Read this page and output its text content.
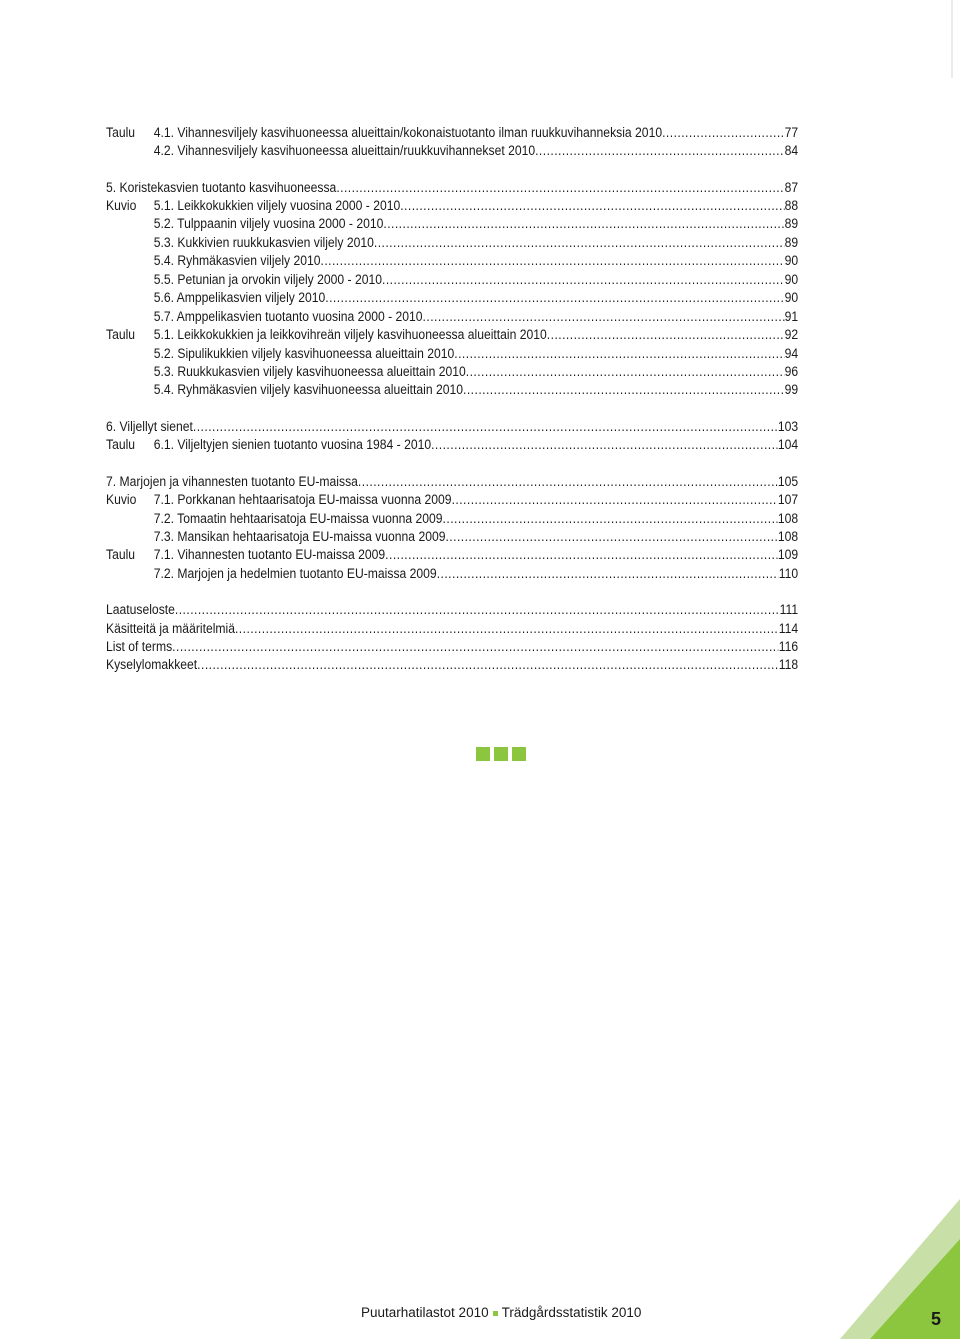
Taulu 4.1. Vihannesviljely kasvihuoneessa alueittain/kokonaistuotanto ilman ruukkuvihanneksia 2010 .....	77
4.2. Vihannesviljely kasvihuoneessa alueittain/ruukkuvihannekset 2010 .....	84
5. Koristekasvien tuotanto kasvihuoneessa .....	87
Kuvio 5.1. Leikkokukkien viljely vuosina 2000 - 2010 .....	88
5.2. Tulppaanin viljely vuosina 2000 - 2010 .....	89
5.3. Kukkivien ruukkukasvien viljely 2010 .....	89
5.4. Ryhmäkasvien viljely 2010 .....	90
5.5. Petunian ja orvokin viljely 2000 - 2010 .....	90
5.6. Amppelikasvien viljely 2010 .....	90
5.7. Amppelikasvien tuotanto vuosina 2000 - 2010 .....	91
Taulu 5.1. Leikkokukkien ja leikkovihreän viljely kasvihuoneessa alueittain 2010 .....	92
5.2. Sipulikukkien viljely kasvihuoneessa alueittain 2010 .....	94
5.3. Ruukkukasvien viljely kasvihuoneessa alueittain 2010 .....	96
5.4. Ryhmäkasvien viljely kasvihuoneessa alueittain 2010 .....	99
6. Viljellyt sienet .....	103
Taulu 6.1. Viljeltyjen sienien tuotanto vuosina 1984 - 2010 .....	104
7. Marjojen ja vihannesten tuotanto EU-maissa .....	105
Kuvio 7.1. Porkkanan hehtaarisatoja EU-maissa vuonna 2009 .....	107
7.2. Tomaatin hehtaarisatoja EU-maissa vuonna 2009 .....	108
7.3. Mansikan hehtaarisatoja EU-maissa vuonna 2009 .....	108
Taulu 7.1. Vihannesten tuotanto EU-maissa 2009 .....	109
7.2. Marjojen ja hedelmien tuotanto EU-maissa 2009 .....	110
Laatuseloste .....	111
Käsitteitä ja määritelmiä .....	114
List of terms .....	116
Kyselylomakkeet .....	118
Puutarhatilastot 2010 Trädgårdsstatistik 2010	5
